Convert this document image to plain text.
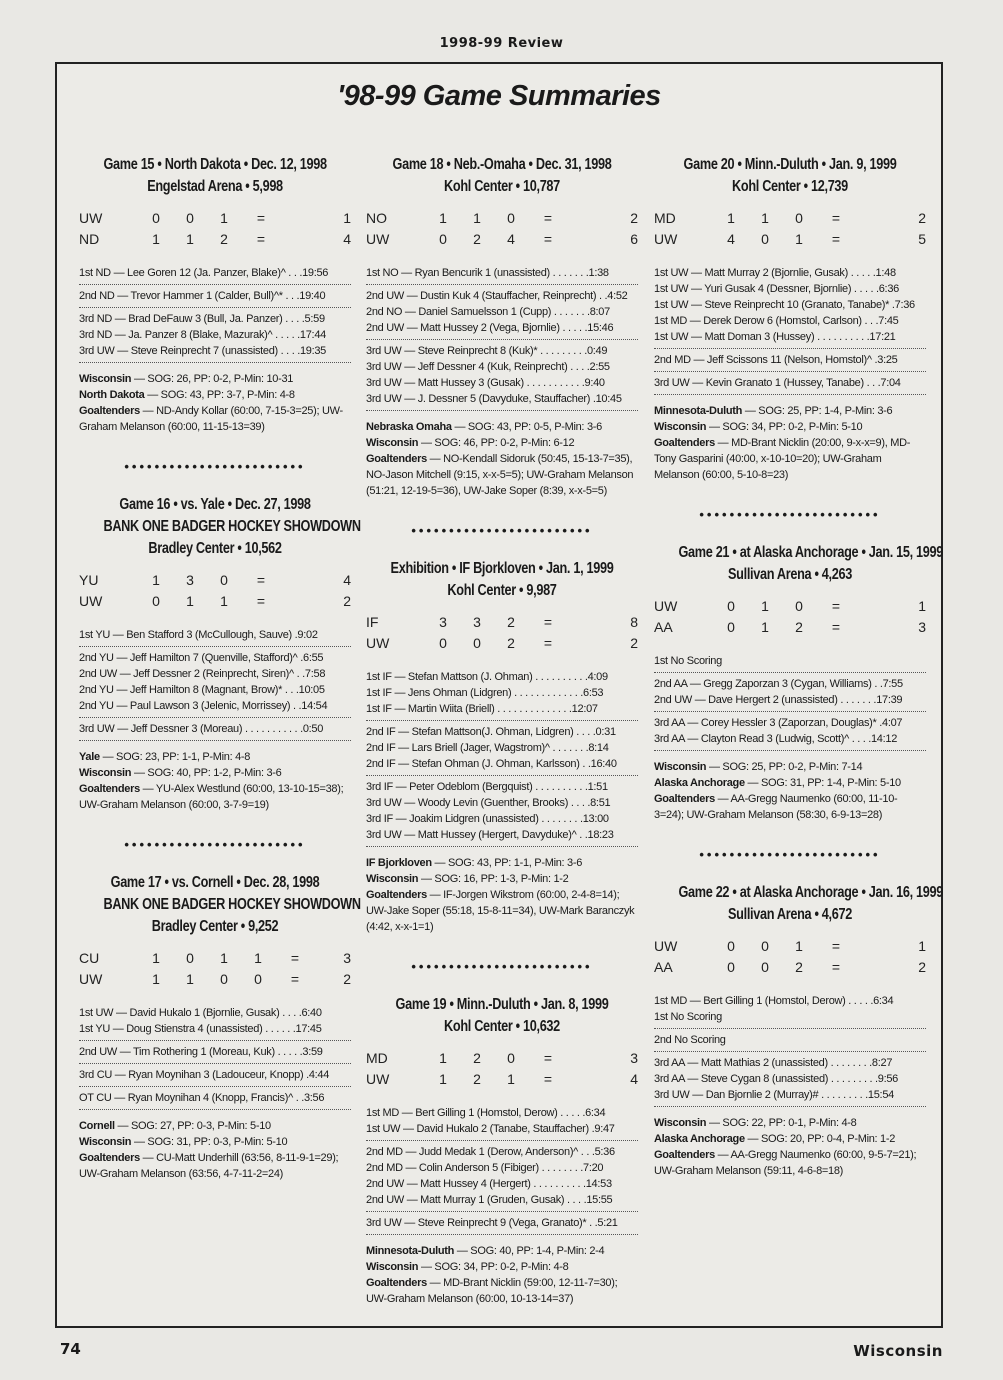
1998-99 Review
'98-99 Game Summaries
Game 15 • North Dakota • Dec. 12, 1998
Engelstad Arena • 5,998
UW	0	0	1	=	1
ND	1	1	2	=	4
1st ND — Lee Goren 12 (Ja. Panzer, Blake)^ . . .19:56
2nd ND — Trevor Hammer 1 (Calder, Bull)^* . . .19:40
3rd ND — Brad DeFauw 3 (Bull, Ja. Panzer) . . . .5:59
3rd ND — Ja. Panzer 8 (Blake, Mazurak)^ . . . . .17:44
3rd UW — Steve Reinprecht 7 (unassisted) . . . .19:35
Wisconsin — SOG: 26, PP: 0-2, P-Min: 10-31
North Dakota — SOG: 43, PP: 3-7, P-Min: 4-8
Goaltenders — ND-Andy Kollar (60:00, 7-15-3=25); UW-Graham Melanson (60:00, 11-15-13=39)
••••••••••••••••••••••••
Game 16 • vs. Yale • Dec. 27, 1998
BANK ONE BADGER HOCKEY SHOWDOWN
Bradley Center • 10,562
YU	1	3	0	=	4
UW	0	1	1	=	2
1st YU — Ben Stafford 3 (McCullough, Sauve) .9:02
2nd YU — Jeff Hamilton 7 (Quenville, Stafford)^ .6:55
2nd UW — Jeff Dessner 2 (Reinprecht, Siren)^ . .7:58
2nd YU — Jeff Hamilton 8 (Magnant, Brow)* . . .10:05
2nd YU — Paul Lawson 3 (Jelenic, Morrissey) . .14:54
3rd UW — Jeff Dessner 3 (Moreau) . . . . . . . . . . .0:50
Yale — SOG: 23, PP: 1-1, P-Min: 4-8
Wisconsin — SOG: 40, PP: 1-2, P-Min: 3-6
Goaltenders — YU-Alex Westlund (60:00, 13-10-15=38); UW-Graham Melanson (60:00, 3-7-9=19)
••••••••••••••••••••••••
Game 17 • vs. Cornell • Dec. 28, 1998
BANK ONE BADGER HOCKEY SHOWDOWN
Bradley Center • 9,252
CU	1	0	1	1	=	3
UW	1	1	0	0	=	2
1st UW — David Hukalo 1 (Bjornlie, Gusak) . . . .6:40
1st YU — Doug Stienstra 4 (unassisted) . . . . . .17:45
2nd UW — Tim Rothering 1 (Moreau, Kuk) . . . . .3:59
3rd CU — Ryan Moynihan 3 (Ladouceur, Knopp) .4:44
OT CU — Ryan Moynihan 4 (Knopp, Francis)^ . .3:56
Cornell — SOG: 27, PP: 0-3, P-Min: 5-10
Wisconsin — SOG: 31, PP: 0-3, P-Min: 5-10
Goaltenders — CU-Matt Underhill (63:56, 8-11-9-1=29); UW-Graham Melanson (63:56, 4-7-11-2=24)
Game 18 • Neb.-Omaha • Dec. 31, 1998
Kohl Center • 10,787
NO	1	1	0	=	2
UW	0	2	4	=	6
1st NO — Ryan Bencurik 1 (unassisted) . . . . . . .1:38
2nd UW — Dustin Kuk 4 (Stauffacher, Reinprecht) . .4:52
2nd NO — Daniel Samuelsson 1 (Cupp) . . . . . . .8:07
2nd UW — Matt Hussey 2 (Vega, Bjornlie) . . . . .15:46
3rd UW — Steve Reinprecht 8 (Kuk)* . . . . . . . . .0:49
3rd UW — Jeff Dessner 4 (Kuk, Reinprecht) . . . .2:55
3rd UW — Matt Hussey 3 (Gusak) . . . . . . . . . . .9:40
3rd UW — J. Dessner 5 (Davyduke, Stauffacher) .10:45
Nebraska Omaha — SOG: 43, PP: 0-5, P-Min: 3-6
Wisconsin — SOG: 46, PP: 0-2, P-Min: 6-12
Goaltenders — NO-Kendall Sidoruk (50:45, 15-13-7=35), NO-Jason Mitchell (9:15, x-x-5=5); UW-Graham Melanson (51:21, 12-19-5=36), UW-Jake Soper (8:39, x-x-5=5)
••••••••••••••••••••••••
Exhibition • IF Bjorkloven • Jan. 1, 1999
Kohl Center • 9,987
IF	3	3	2	=	8
UW	0	0	2	=	2
1st IF — Stefan Mattson (J. Ohman) . . . . . . . . . .4:09
1st IF — Jens Ohman (Lidgren) . . . . . . . . . . . . .6:53
1st IF — Martin Wiita (Briell) . . . . . . . . . . . . . .12:07
2nd IF — Stefan Mattson(J. Ohman, Lidgren) . . . .0:31
2nd IF — Lars Briell (Jager, Wagstrom)^ . . . . . . .8:14
2nd IF — Stefan Ohman (J. Ohman, Karlsson) . .16:40
3rd IF — Peter Odeblom (Bergquist) . . . . . . . . . .1:51
3rd UW — Woody Levin (Guenther, Brooks) . . . .8:51
3rd IF — Joakim Lidgren (unassisted) . . . . . . . .13:00
3rd UW — Matt Hussey (Hergert, Davyduke)^ . .18:23
IF Bjorkloven — SOG: 43, PP: 1-1, P-Min: 3-6
Wisconsin — SOG: 16, PP: 1-3, P-Min: 1-2
Goaltenders — IF-Jorgen Wikstrom (60:00, 2-4-8=14); UW-Jake Soper (55:18, 15-8-11=34), UW-Mark Baranczyk (4:42, x-x-1=1)
••••••••••••••••••••••••
Game 19 • Minn.-Duluth • Jan. 8, 1999
Kohl Center • 10,632
MD	1	2	0	=	3
UW	1	2	1	=	4
1st MD — Bert Gilling 1 (Homstol, Derow) . . . . .6:34
1st UW — David Hukalo 2 (Tanabe, Stauffacher) .9:47
2nd MD — Judd Medak 1 (Derow, Anderson)^ . . .5:36
2nd MD — Colin Anderson 5 (Fibiger) . . . . . . . .7:20
2nd UW — Matt Hussey 4 (Hergert) . . . . . . . . . .14:53
2nd UW — Matt Murray 1 (Gruden, Gusak) . . . .15:55
3rd UW — Steve Reinprecht 9 (Vega, Granato)* . .5:21
Minnesota-Duluth — SOG: 40, PP: 1-4, P-Min: 2-4
Wisconsin — SOG: 34, PP: 0-2, P-Min: 4-8
Goaltenders — MD-Brant Nicklin (59:00, 12-11-7=30); UW-Graham Melanson (60:00, 10-13-14=37)
Game 20 • Minn.-Duluth • Jan. 9, 1999
Kohl Center • 12,739
MD	1	1	0	=	2
UW	4	0	1	=	5
1st UW — Matt Murray 2 (Bjornlie, Gusak) . . . . .1:48
1st UW — Yuri Gusak 4 (Dessner, Bjornlie) . . . . .6:36
1st UW — Steve Reinprecht 10 (Granato, Tanabe)* .7:36
1st MD — Derek Derow 6 (Homstol, Carlson) . . .7:45
1st UW — Matt Doman 3 (Hussey) . . . . . . . . . .17:21
2nd MD — Jeff Scissons 11 (Nelson, Homstol)^ .3:25
3rd UW — Kevin Granato 1 (Hussey, Tanabe) . . .7:04
Minnesota-Duluth — SOG: 25, PP: 1-4, P-Min: 3-6
Wisconsin — SOG: 34, PP: 0-2, P-Min: 5-10
Goaltenders — MD-Brant Nicklin (20:00, 9-x-x=9), MD-Tony Gasparini (40:00, x-10-10=20); UW-Graham Melanson (60:00, 5-10-8=23)
••••••••••••••••••••••••
Game 21 • at Alaska Anchorage • Jan. 15, 1999
Sullivan Arena • 4,263
UW	0	1	0	=	1
AA	0	1	2	=	3
1st No Scoring
2nd AA — Gregg Zaporzan 3 (Cygan, Williams) . .7:55
2nd UW — Dave Hergert 2 (unassisted) . . . . . . .17:39
3rd AA — Corey Hessler 3 (Zaporzan, Douglas)* .4:07
3rd AA — Clayton Read 3 (Ludwig, Scott)^ . . . .14:12
Wisconsin — SOG: 25, PP: 0-2, P-Min: 7-14
Alaska Anchorage — SOG: 31, PP: 1-4, P-Min: 5-10
Goaltenders — AA-Gregg Naumenko (60:00, 11-10-3=24); UW-Graham Melanson (58:30, 6-9-13=28)
••••••••••••••••••••••••
Game 22 • at Alaska Anchorage • Jan. 16, 1999
Sullivan Arena • 4,672
UW	0	0	1	=	1
AA	0	0	2	=	2
1st MD — Bert Gilling 1 (Homstol, Derow) . . . . .6:34
1st No Scoring
2nd No Scoring
3rd AA — Matt Mathias 2 (unassisted) . . . . . . . .8:27
3rd AA — Steve Cygan 8 (unassisted) . . . . . . . . .9:56
3rd UW — Dan Bjornlie 2 (Murray)# . . . . . . . . .15:54
Wisconsin — SOG: 22, PP: 0-1, P-Min: 4-8
Alaska Anchorage — SOG: 20, PP: 0-4, P-Min: 1-2
Goaltenders — AA-Gregg Naumenko (60:00, 9-5-7=21); UW-Graham Melanson (59:11, 4-6-8=18)
74	Wisconsin
